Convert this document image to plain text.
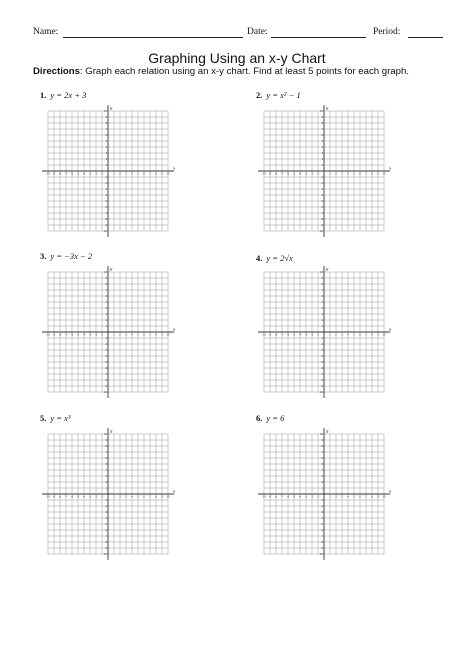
Name:	Date:	Period:
Graphing Using an x-y Chart
Directions: Graph each relation using an x-y chart. Find at least 5 points for each graph.
1. y = 2x + 3	2. y = x² − 1
3. y = −3x − 2	4. y = 2√x
5. y = x³	6. y = 6
-10
-10
-9
-9
-8
-8
-7
-7
-6
-6
-5
-5
-4
-4
-3
-3
-2
-2
-1
-1
1
1
2
2
3
3
4
4
5
5
6
6
7
7
8
8
9
9
10
10
x
y
-10
-10
-9
-9
-8
-8
-7
-7
-6
-6
-5
-5
-4
-4
-3
-3
-2
-2
-1
-1
1
1
2
2
3
3
4
4
5
5
6
6
7
7
8
8
9
9
10
10
x
y
-10
-10
-9
-9
-8
-8
-7
-7
-6
-6
-5
-5
-4
-4
-3
-3
-2
-2
-1
-1
1
1
2
2
3
3
4
4
5
5
6
6
7
7
8
8
9
9
10
10
x
y
-10
-10
-9
-9
-8
-8
-7
-7
-6
-6
-5
-5
-4
-4
-3
-3
-2
-2
-1
-1
1
1
2
2
3
3
4
4
5
5
6
6
7
7
8
8
9
9
10
10
x
y
-10
-10
-9
-9
-8
-8
-7
-7
-6
-6
-5
-5
-4
-4
-3
-3
-2
-2
-1
-1
1
1
2
2
3
3
4
4
5
5
6
6
7
7
8
8
9
9
10
10
x
y
-10
-10
-9
-9
-8
-8
-7
-7
-6
-6
-5
-5
-4
-4
-3
-3
-2
-2
-1
-1
1
1
2
2
3
3
4
4
5
5
6
6
7
7
8
8
9
9
10
10
x
y
